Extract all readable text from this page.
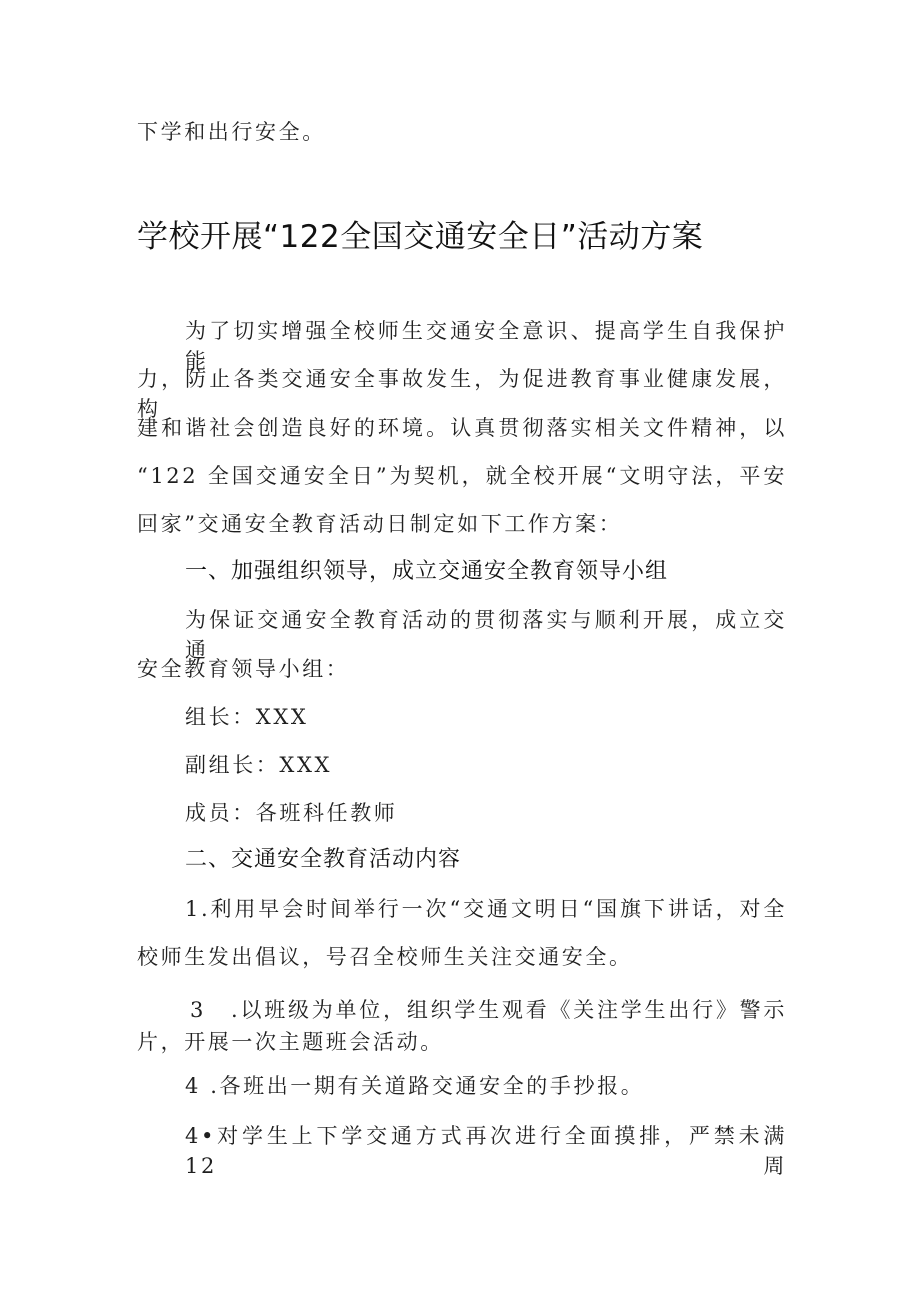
下学和出行安全。
学校开展“122全国交通安全日”活动方案
为了切实增强全校师生交通安全意识、提高学生自我保护能
力，防止各类交通安全事故发生，为促进教育事业健康发展，构
建和谐社会创造良好的环境。认真贯彻落实相关文件精神，以
“122 全国交通安全日”为契机，就全校开展“文明守法，平安
回家”交通安全教育活动日制定如下工作方案：
一、加强组织领导，成立交通安全教育领导小组
为保证交通安全教育活动的贯彻落实与顺利开展，成立交通
安全教育领导小组：
组长：XXX
副组长：XXX
成员：各班科任教师
二、交通安全教育活动内容
1.利用早会时间举行一次“交通文明日“国旗下讲话，对全
校师生发出倡议，号召全校师生关注交通安全。
3 .以班级为单位，组织学生观看《关注学生出行》警示
片，开展一次主题班会活动。
4 .各班出一期有关道路交通安全的手抄报。
4•对学生上下学交通方式再次进行全面摸排，严禁未满12周
